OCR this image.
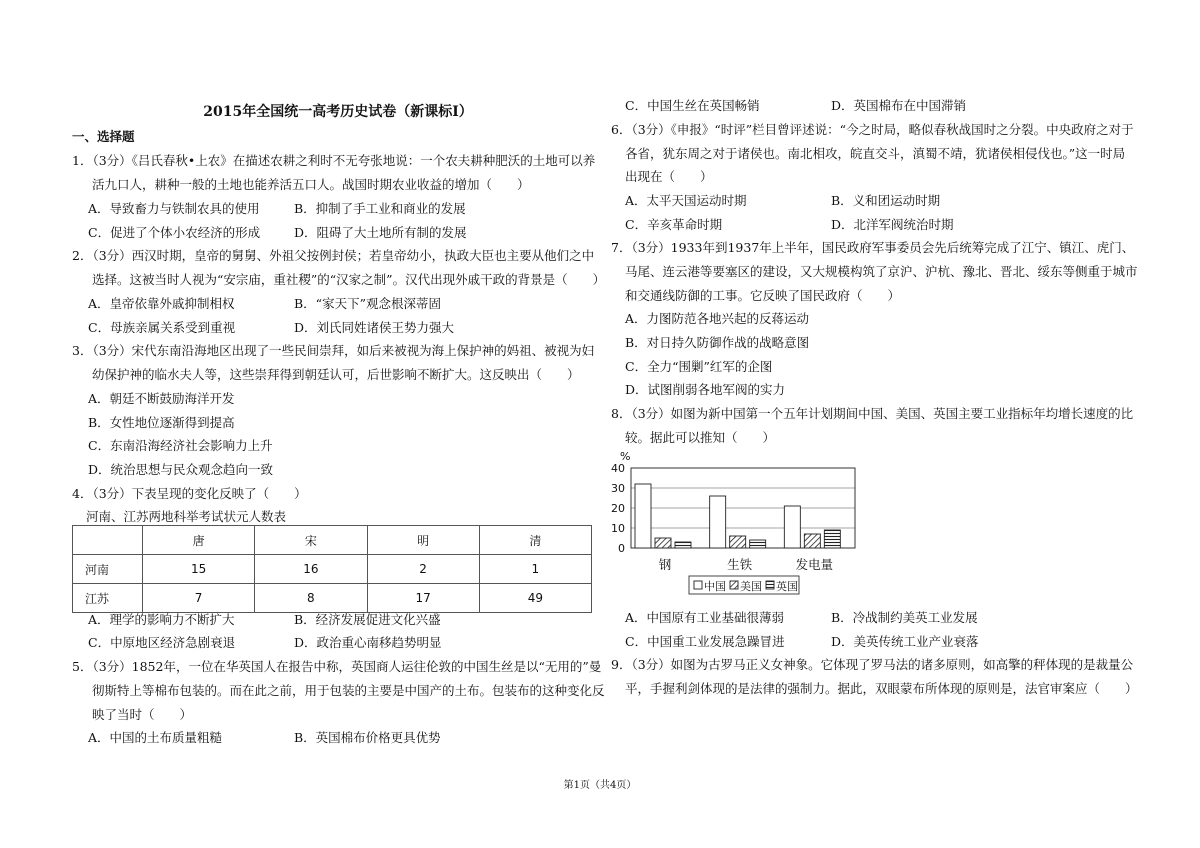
2015年全国统一高考历史试卷（新课标I）
一、选择题
1．（3分）《吕氏春秋•上农》在描述农耕之利时不无夸张地说：一个农夫耕种肥沃的土地可以养
活九口人，耕种一般的土地也能养活五口人。战国时期农业收益的增加（　　）
A．导致畜力与铁制农具的使用	B．抑制了手工业和商业的发展
C．促进了个体小农经济的形成	D．阻碍了大土地所有制的发展
2．（3分）西汉时期，皇帝的舅舅、外祖父按例封侯；若皇帝幼小，执政大臣也主要从他们之中
选择。这被当时人视为“安宗庙，重社稷”的“汉家之制”。汉代出现外戚干政的背景是（　　）
A．皇帝依靠外戚抑制相权	B．“家天下”观念根深蒂固
C．母族亲属关系受到重视	D．刘氏同姓诸侯王势力强大
3．（3分）宋代东南沿海地区出现了一些民间崇拜，如后来被视为海上保护神的妈祖、被视为妇
幼保护神的临水夫人等，这些崇拜得到朝廷认可，后世影响不断扩大。这反映出（　　）
A．朝廷不断鼓励海洋开发
B．女性地位逐渐得到提高
C．东南沿海经济社会影响力上升
D．统治思想与民众观念趋向一致
4．（3分）下表呈现的变化反映了（　　）
河南、江苏两地科举考试状元人数表
	唐	宋	明	清
河南	15	16	2	1
江苏	7	8	17	49
A．理学的影响力不断扩大	B．经济发展促进文化兴盛
C．中原地区经济急剧衰退	D．政治重心南移趋势明显
5．（3分）1852年，一位在华英国人在报告中称，英国商人运往伦敦的中国生丝是以“无用的”曼
彻斯特上等棉布包装的。而在此之前，用于包装的主要是中国产的土布。包装布的这种变化反
映了当时（　　）
A．中国的土布质量粗糙	B．英国棉布价格更具优势
C．中国生丝在英国畅销	D．英国棉布在中国滞销
6．（3分）《申报》“时评”栏目曾评述说：“今之时局，略似春秋战国时之分裂。中央政府之对于
各省，犹东周之对于诸侯也。南北相攻，皖直交斗，滇蜀不靖，犹诸侯相侵伐也。”这一时局
出现在（　　）
A．太平天国运动时期	B．义和团运动时期
C．辛亥革命时期	D．北洋军阀统治时期
7．（3分）1933年到1937年上半年，国民政府军事委员会先后统筹完成了江宁、镇江、虎门、
马尾、连云港等要塞区的建设，又大规模构筑了京沪、沪杭、豫北、晋北、绥东等侧重于城市
和交通线防御的工事。它反映了国民政府（　　）
A．力图防范各地兴起的反蒋运动
B．对日持久防御作战的战略意图
C．全力“围剿”红军的企图
D．试图削弱各地军阀的实力
8．（3分）如图为新中国第一个五年计划期间中国、美国、英国主要工业指标年均增长速度的比
较。据此可以推知（　　）
0
10
20
30
40
%
钢	生铁	发电量
中国 美国 英国
A．中国原有工业基础很薄弱	B．冷战制约美英工业发展
C．中国重工业发展急躁冒进	D．美英传统工业产业衰落
9．（3分）如图为古罗马正义女神象。它体现了罗马法的诸多原则，如高擎的秤体现的是裁量公
平，手握利剑体现的是法律的强制力。据此，双眼蒙布所体现的原则是，法官审案应（　　）
第1页（共4页）
